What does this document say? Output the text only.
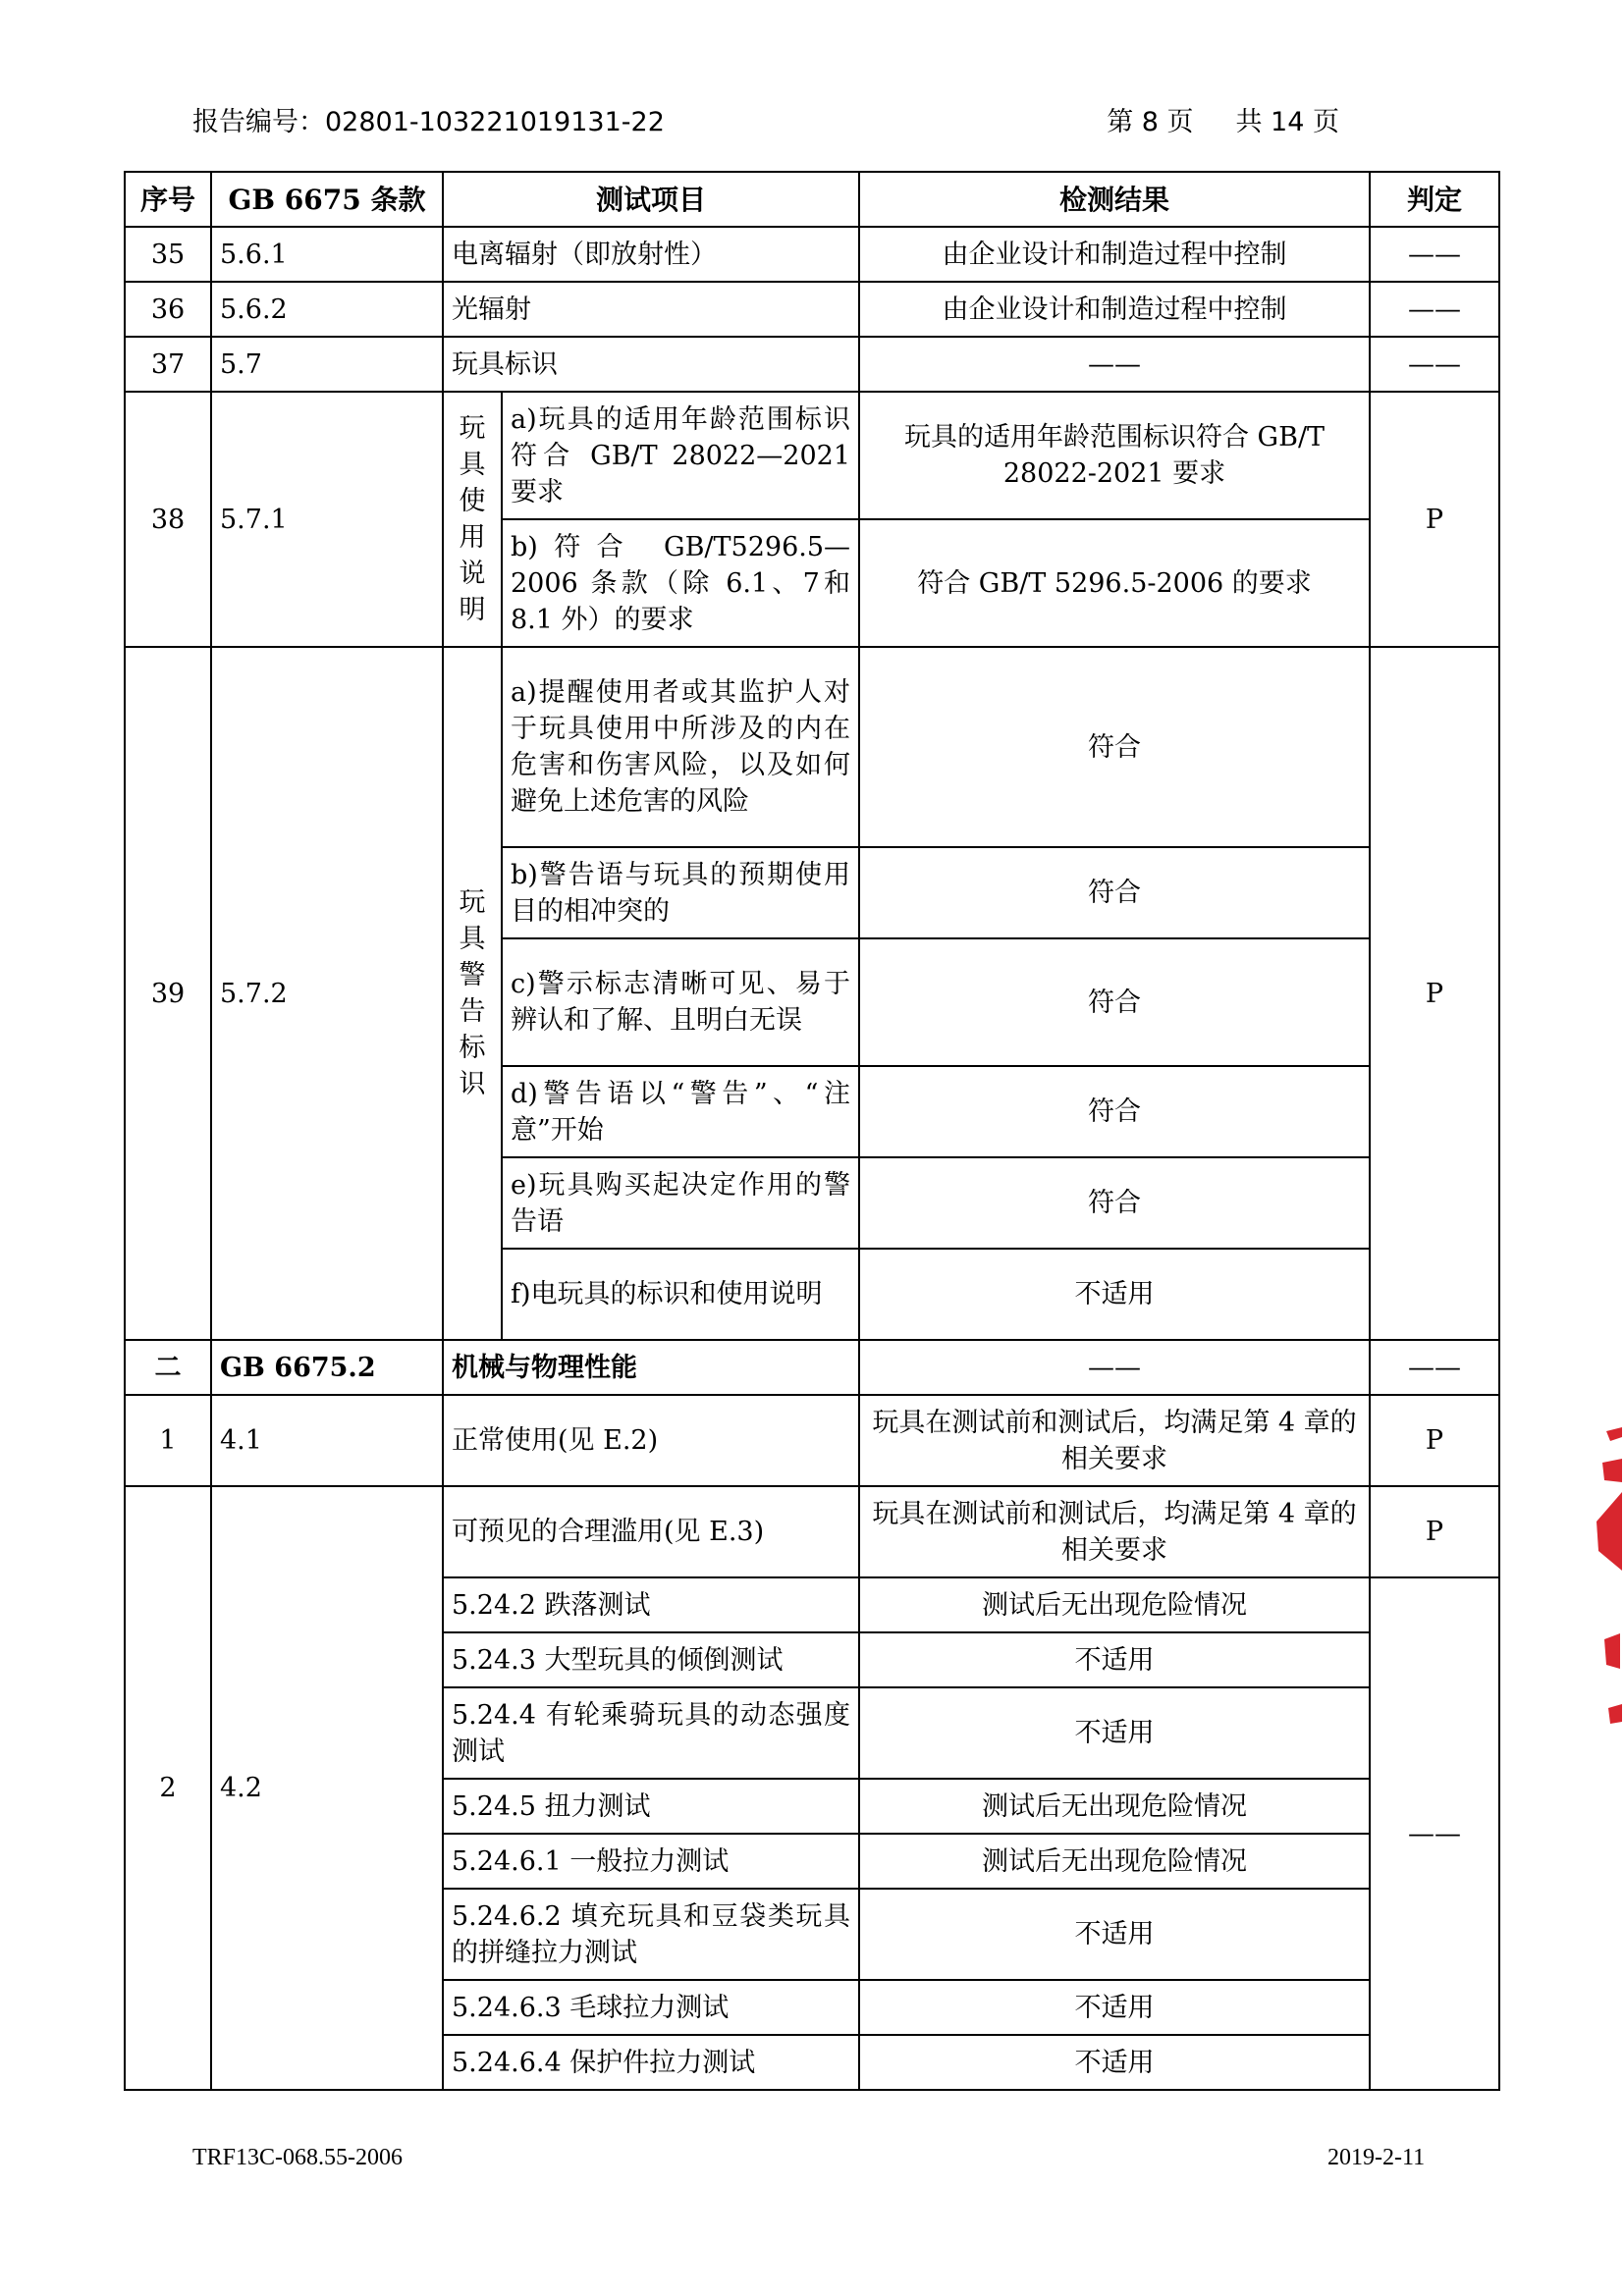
报告编号：02801-103221019131-22	第 8 页 共 14 页
序号	GB 6675 条款	测试项目		检测结果	判定
35	5.6.1	电离辐射（即放射性）		由企业设计和制造过程中控制	——
36	5.6.2	光辐射		由企业设计和制造过程中控制	——
37	5.7	玩具标识		——	——
38	5.7.1	玩具使用说明	a)玩具的适用年龄范围标识符合 GB/T 28022—2021 要求	玩具的适用年龄范围标识符合 GB/T 28022-2021 要求	P
			b)符合 GB/T5296.5—2006 条款（除 6.1、7和 8.1 外）的要求	符合 GB/T 5296.5-2006 的要求	
39	5.7.2	玩具警告标识	a)提醒使用者或其监护人对于玩具使用中所涉及的内在危害和伤害风险，以及如何避免上述危害的风险	符合	P
			b)警告语与玩具的预期使用目的相冲突的	符合	
			c)警示标志清晰可见、易于辨认和了解、且明白无误	符合	
			d)警告语以“警告”、“注意”开始	符合	
			e)玩具购买起决定作用的警告语	符合	
			f)电玩具的标识和使用说明	不适用	
二	GB 6675.2	机械与物理性能		——	——
1	4.1	正常使用(见 E.2)		玩具在测试前和测试后，均满足第 4 章的相关要求	P
2	4.2	可预见的合理滥用(见 E.3)		玩具在测试前和测试后，均满足第 4 章的相关要求	P
		5.24.2 跌落测试		测试后无出现危险情况	——
		5.24.3 大型玩具的倾倒测试		不适用	
		5.24.4 有轮乘骑玩具的动态强度测试		不适用	
		5.24.5 扭力测试		测试后无出现危险情况	
		5.24.6.1 一般拉力测试		测试后无出现危险情况	
		5.24.6.2 填充玩具和豆袋类玩具的拼缝拉力测试		不适用	
		5.24.6.3 毛球拉力测试		不适用	
		5.24.6.4 保护件拉力测试		不适用	
TRF13C-068.55-2006	2019-2-11
